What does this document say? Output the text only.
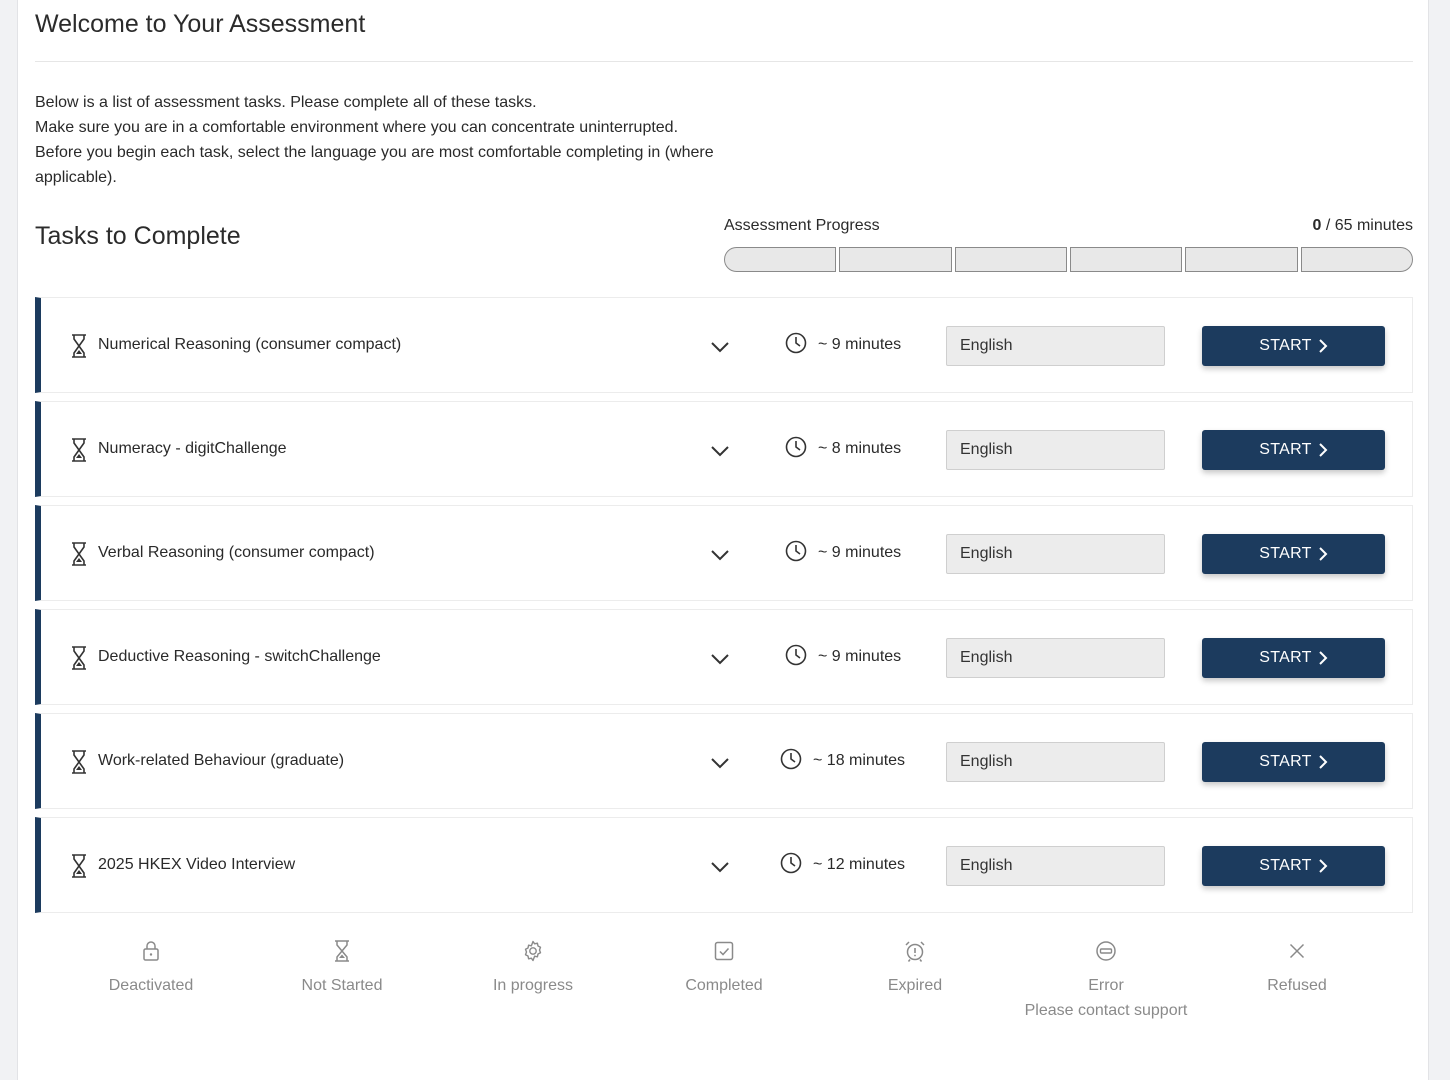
Welcome to Your Assessment

Below is a list of assessment tasks. Please complete all of these tasks.

Make sure you are in a comfortable environment where you can concentrate uninterrupted.

Before you begin each task, select the language you are most comfortable completing in (where applicable).

Tasks to Complete	Assessment Progress	0 / 65 minutes
Numerical Reasoning (consumer compact)	~ 9 minutes	English	START
Numeracy - digitChallenge	~ 8 minutes	English	START
Verbal Reasoning (consumer compact)	~ 9 minutes	English	START
Deductive Reasoning - switchChallenge	~ 9 minutes	English	START
Work-related Behaviour (graduate)	~ 18 minutes	English	START
2025 HKEX Video Interview	~ 12 minutes	English	START
Deactivated	Not Started	In progress	Completed	Expired	Error
Please contact support
Refused
